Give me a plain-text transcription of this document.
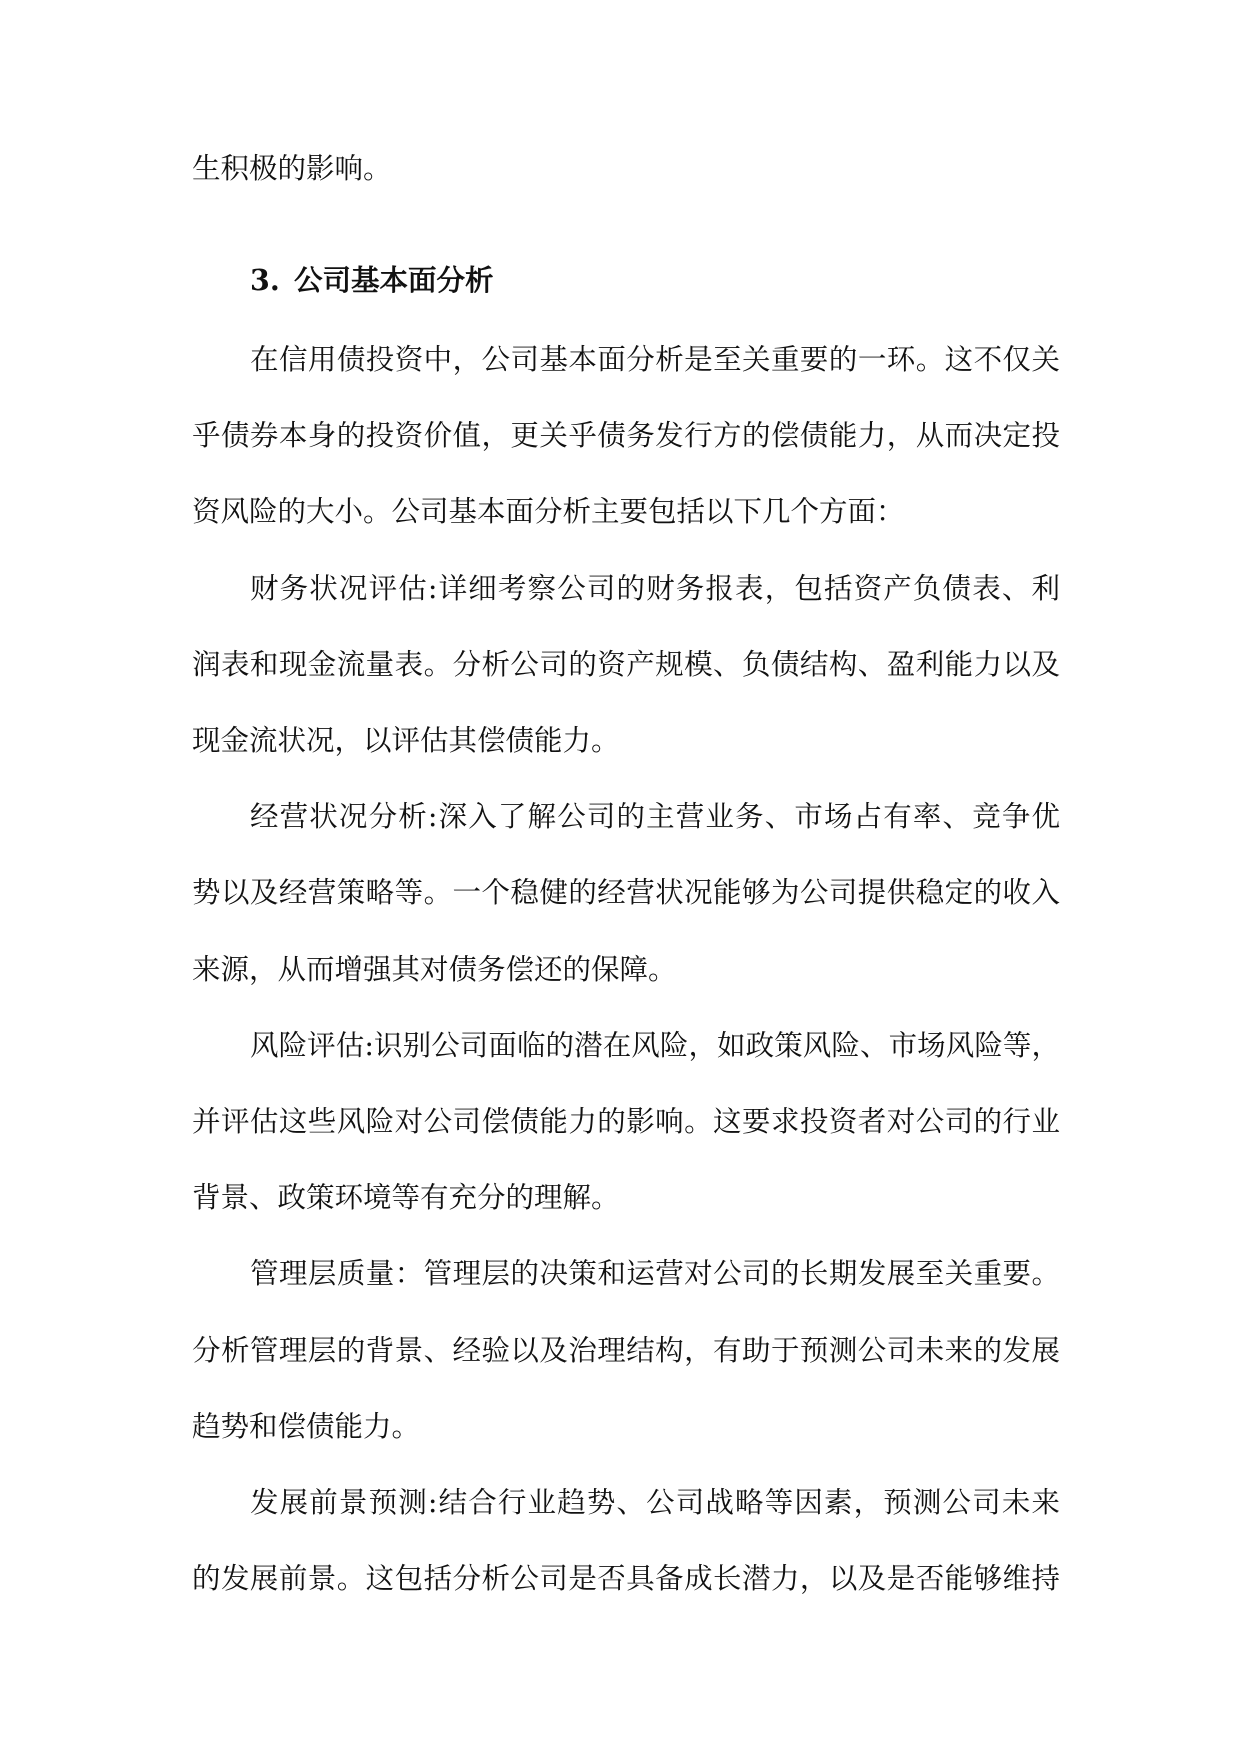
生积极的影响。
3. 公司基本面分析
在信用债投资中，公司基本面分析是至关重要的一环。这不仅关
乎债券本身的投资价值，更关乎债务发行方的偿债能力，从而决定投
资风险的大小。公司基本面分析主要包括以下几个方面：
财务状况评估:详细考察公司的财务报表，包括资产负债表、利
润表和现金流量表。分析公司的资产规模、负债结构、盈利能力以及
现金流状况，以评估其偿债能力。
经营状况分析:深入了解公司的主营业务、市场占有率、竞争优
势以及经营策略等。一个稳健的经营状况能够为公司提供稳定的收入
来源，从而增强其对债务偿还的保障。
风险评估:识别公司面临的潜在风险，如政策风险、市场风险等，
并评估这些风险对公司偿债能力的影响。这要求投资者对公司的行业
背景、政策环境等有充分的理解。
管理层质量：管理层的决策和运营对公司的长期发展至关重要。
分析管理层的背景、经验以及治理结构，有助于预测公司未来的发展
趋势和偿债能力。
发展前景预测:结合行业趋势、公司战略等因素，预测公司未来
的发展前景。这包括分析公司是否具备成长潜力，以及是否能够维持
